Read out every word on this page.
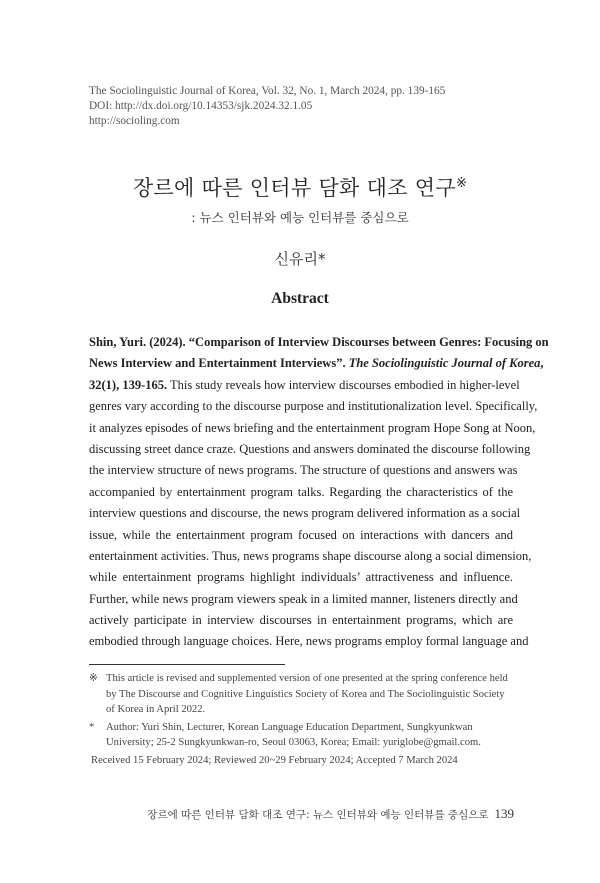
The Sociolinguistic Journal of Korea, Vol. 32, No. 1, March 2024, pp. 139-165
DOI: http://dx.doi.org/10.14353/sjk.2024.32.1.05
http://socioling.com
장르에 따른 인터뷰 담화 대조 연구※
: 뉴스 인터뷰와 예능 인터뷰를 중심으로
신유리*
Abstract
Shin, Yuri. (2024). “Comparison of Interview Discourses between Genres: Focusing on
News Interview and Entertainment Interviews”. The Sociolinguistic Journal of Korea,
32(1), 139-165. This study reveals how interview discourses embodied in higher-level
genres vary according to the discourse purpose and institutionalization level. Specifically,
it analyzes episodes of news briefing and the entertainment program Hope Song at Noon,
discussing street dance craze. Questions and answers dominated the discourse following
the interview structure of news programs. The structure of questions and answers was
accompanied by entertainment program talks. Regarding the characteristics of the
interview questions and discourse, the news program delivered information as a social
issue, while the entertainment program focused on interactions with dancers and
entertainment activities. Thus, news programs shape discourse along a social dimension,
while entertainment programs highlight individuals’ attractiveness and influence.
Further, while news program viewers speak in a limited manner, listeners directly and
actively participate in interview discourses in entertainment programs, which are
embodied through language choices. Here, news programs employ formal language and
※ This article is revised and supplemented version of one presented at the spring conference held by The Discourse and Cognitive Linguistics Society of Korea and The Sociolinguistic Society of Korea in April 2022.
* Author: Yuri Shin, Lecturer, Korean Language Education Department, Sungkyunkwan University; 25-2 Sungkyunkwan-ro, Seoul 03063, Korea; Email: yuriglobe@gmail.com.
Received 15 February 2024; Reviewed 20~29 February 2024; Accepted 7 March 2024
장르에 따른 인터뷰 담화 대조 연구: 뉴스 인터뷰와 예능 인터뷰를 중심으로 139
